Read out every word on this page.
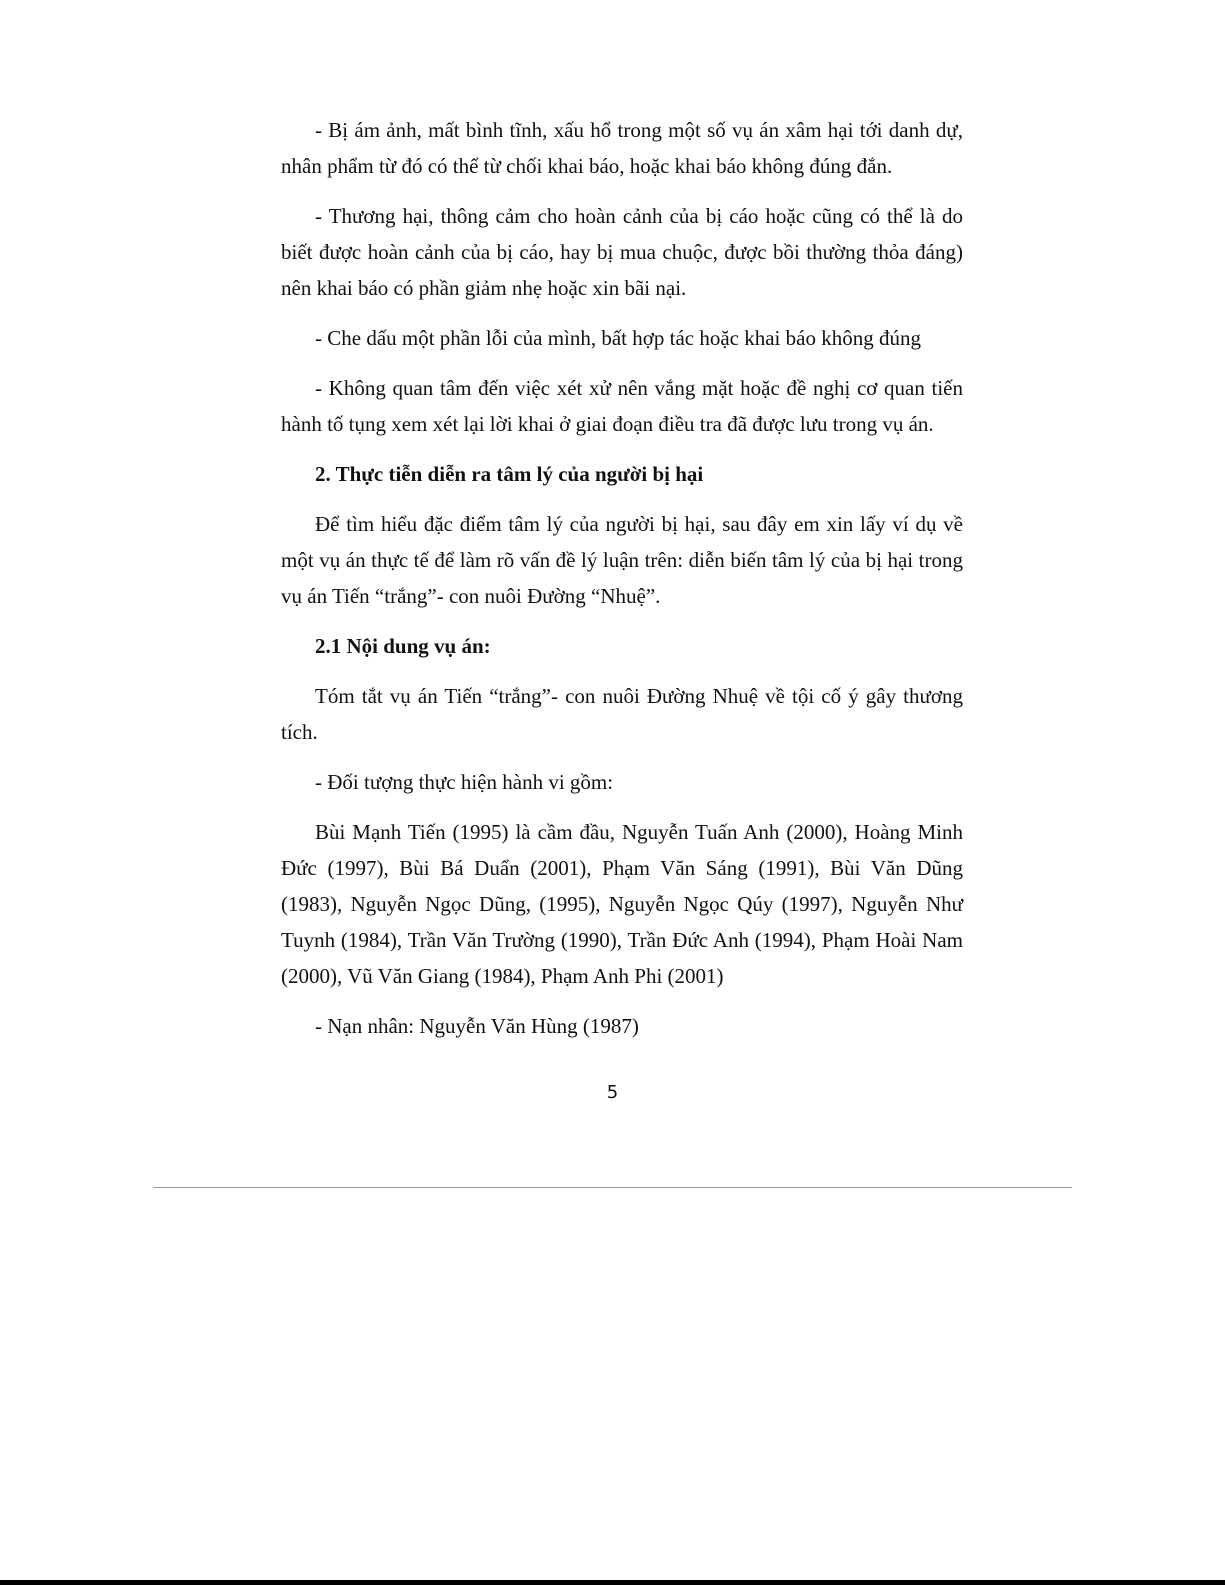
- Bị ám ảnh, mất bình tĩnh, xấu hổ trong một số vụ án xâm hại tới danh dự, nhân phẩm từ đó có thể từ chối khai báo, hoặc khai báo không đúng đắn.

- Thương hại, thông cảm cho hoàn cảnh của bị cáo hoặc cũng có thể là do biết được hoàn cảnh của bị cáo, hay bị mua chuộc, được bồi thường thỏa đáng) nên khai báo có phần giảm nhẹ hoặc xin bãi nại.

- Che dấu một phần lỗi của mình, bất hợp tác hoặc khai báo không đúng

- Không quan tâm đến việc xét xử nên vắng mặt hoặc đề nghị cơ quan tiến hành tố tụng xem xét lại lời khai ở giai đoạn điều tra đã được lưu trong vụ án.

2. Thực tiễn diễn ra tâm lý của người bị hại

Để tìm hiểu đặc điểm tâm lý của người bị hại, sau đây em xin lấy ví dụ về một vụ án thực tế để làm rõ vấn đề lý luận trên: diễn biến tâm lý của bị hại trong vụ án Tiến “trắng”- con nuôi Đường “Nhuệ”.

2.1 Nội dung vụ án:

Tóm tắt vụ án Tiến “trắng”- con nuôi Đường Nhuệ về tội cố ý gây thương tích.

- Đối tượng thực hiện hành vi gồm:

Bùi Mạnh Tiến (1995) là cầm đầu, Nguyễn Tuấn Anh (2000), Hoàng Minh Đức (1997), Bùi Bá Duẩn (2001), Phạm Văn Sáng (1991), Bùi Văn Dũng (1983), Nguyễn Ngọc Dũng, (1995), Nguyễn Ngọc Qúy (1997), Nguyễn Như Tuynh (1984), Trần Văn Trường (1990), Trần Đức Anh (1994), Phạm Hoài Nam (2000), Vũ Văn Giang (1984), Phạm Anh Phi (2001)

- Nạn nhân: Nguyễn Văn Hùng (1987)

5
